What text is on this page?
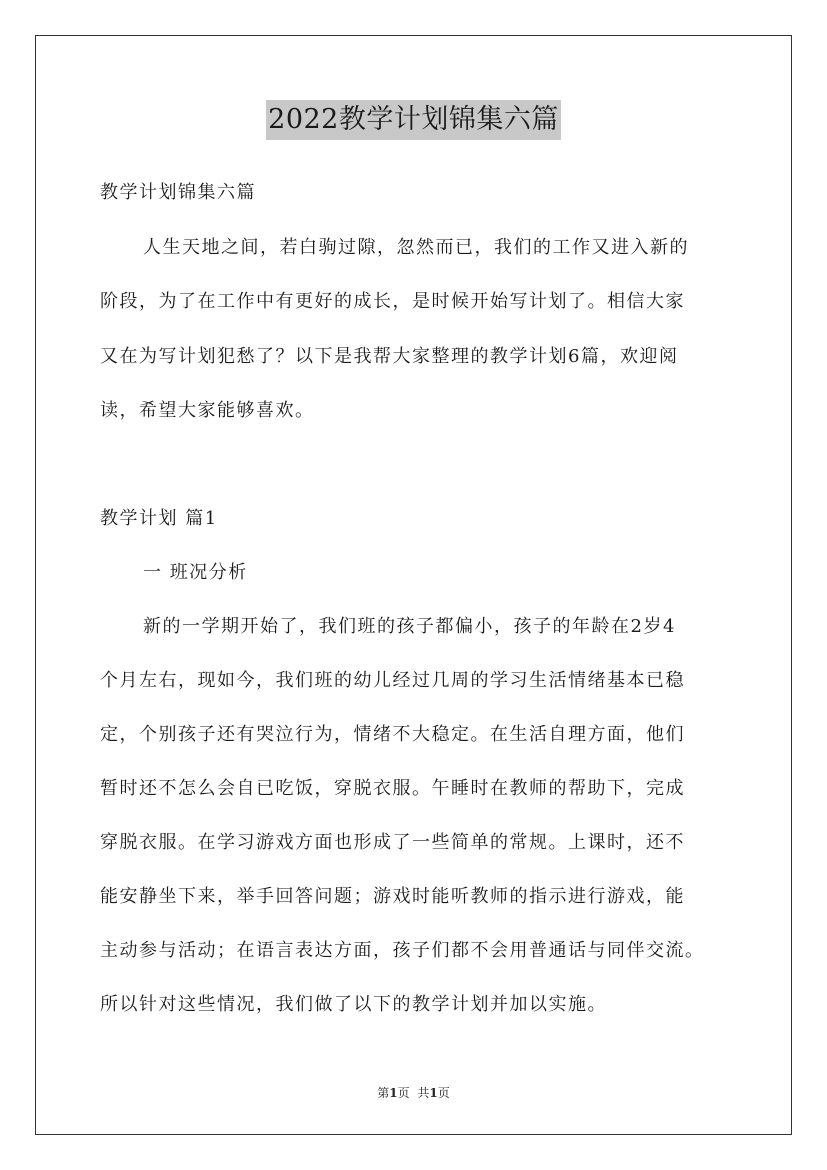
2022教学计划锦集六篇
教学计划锦集六篇
人生天地之间，若白驹过隙，忽然而已，我们的工作又进入新的
阶段，为了在工作中有更好的成长，是时候开始写计划了。相信大家
又在为写计划犯愁了？以下是我帮大家整理的教学计划6篇，欢迎阅
读，希望大家能够喜欢。
教学计划 篇1
一 班况分析
新的一学期开始了，我们班的孩子都偏小，孩子的年龄在2岁4
个月左右，现如今，我们班的幼儿经过几周的学习生活情绪基本已稳
定，个别孩子还有哭泣行为，情绪不大稳定。在生活自理方面，他们
暂时还不怎么会自已吃饭，穿脱衣服。午睡时在教师的帮助下，完成
穿脱衣服。在学习游戏方面也形成了一些简单的常规。上课时，还不
能安静坐下来，举手回答问题；游戏时能听教师的指示进行游戏，能
主动参与活动；在语言表达方面，孩子们都不会用普通话与同伴交流。
所以针对这些情况，我们做了以下的教学计划并加以实施。
第1页 共1页
